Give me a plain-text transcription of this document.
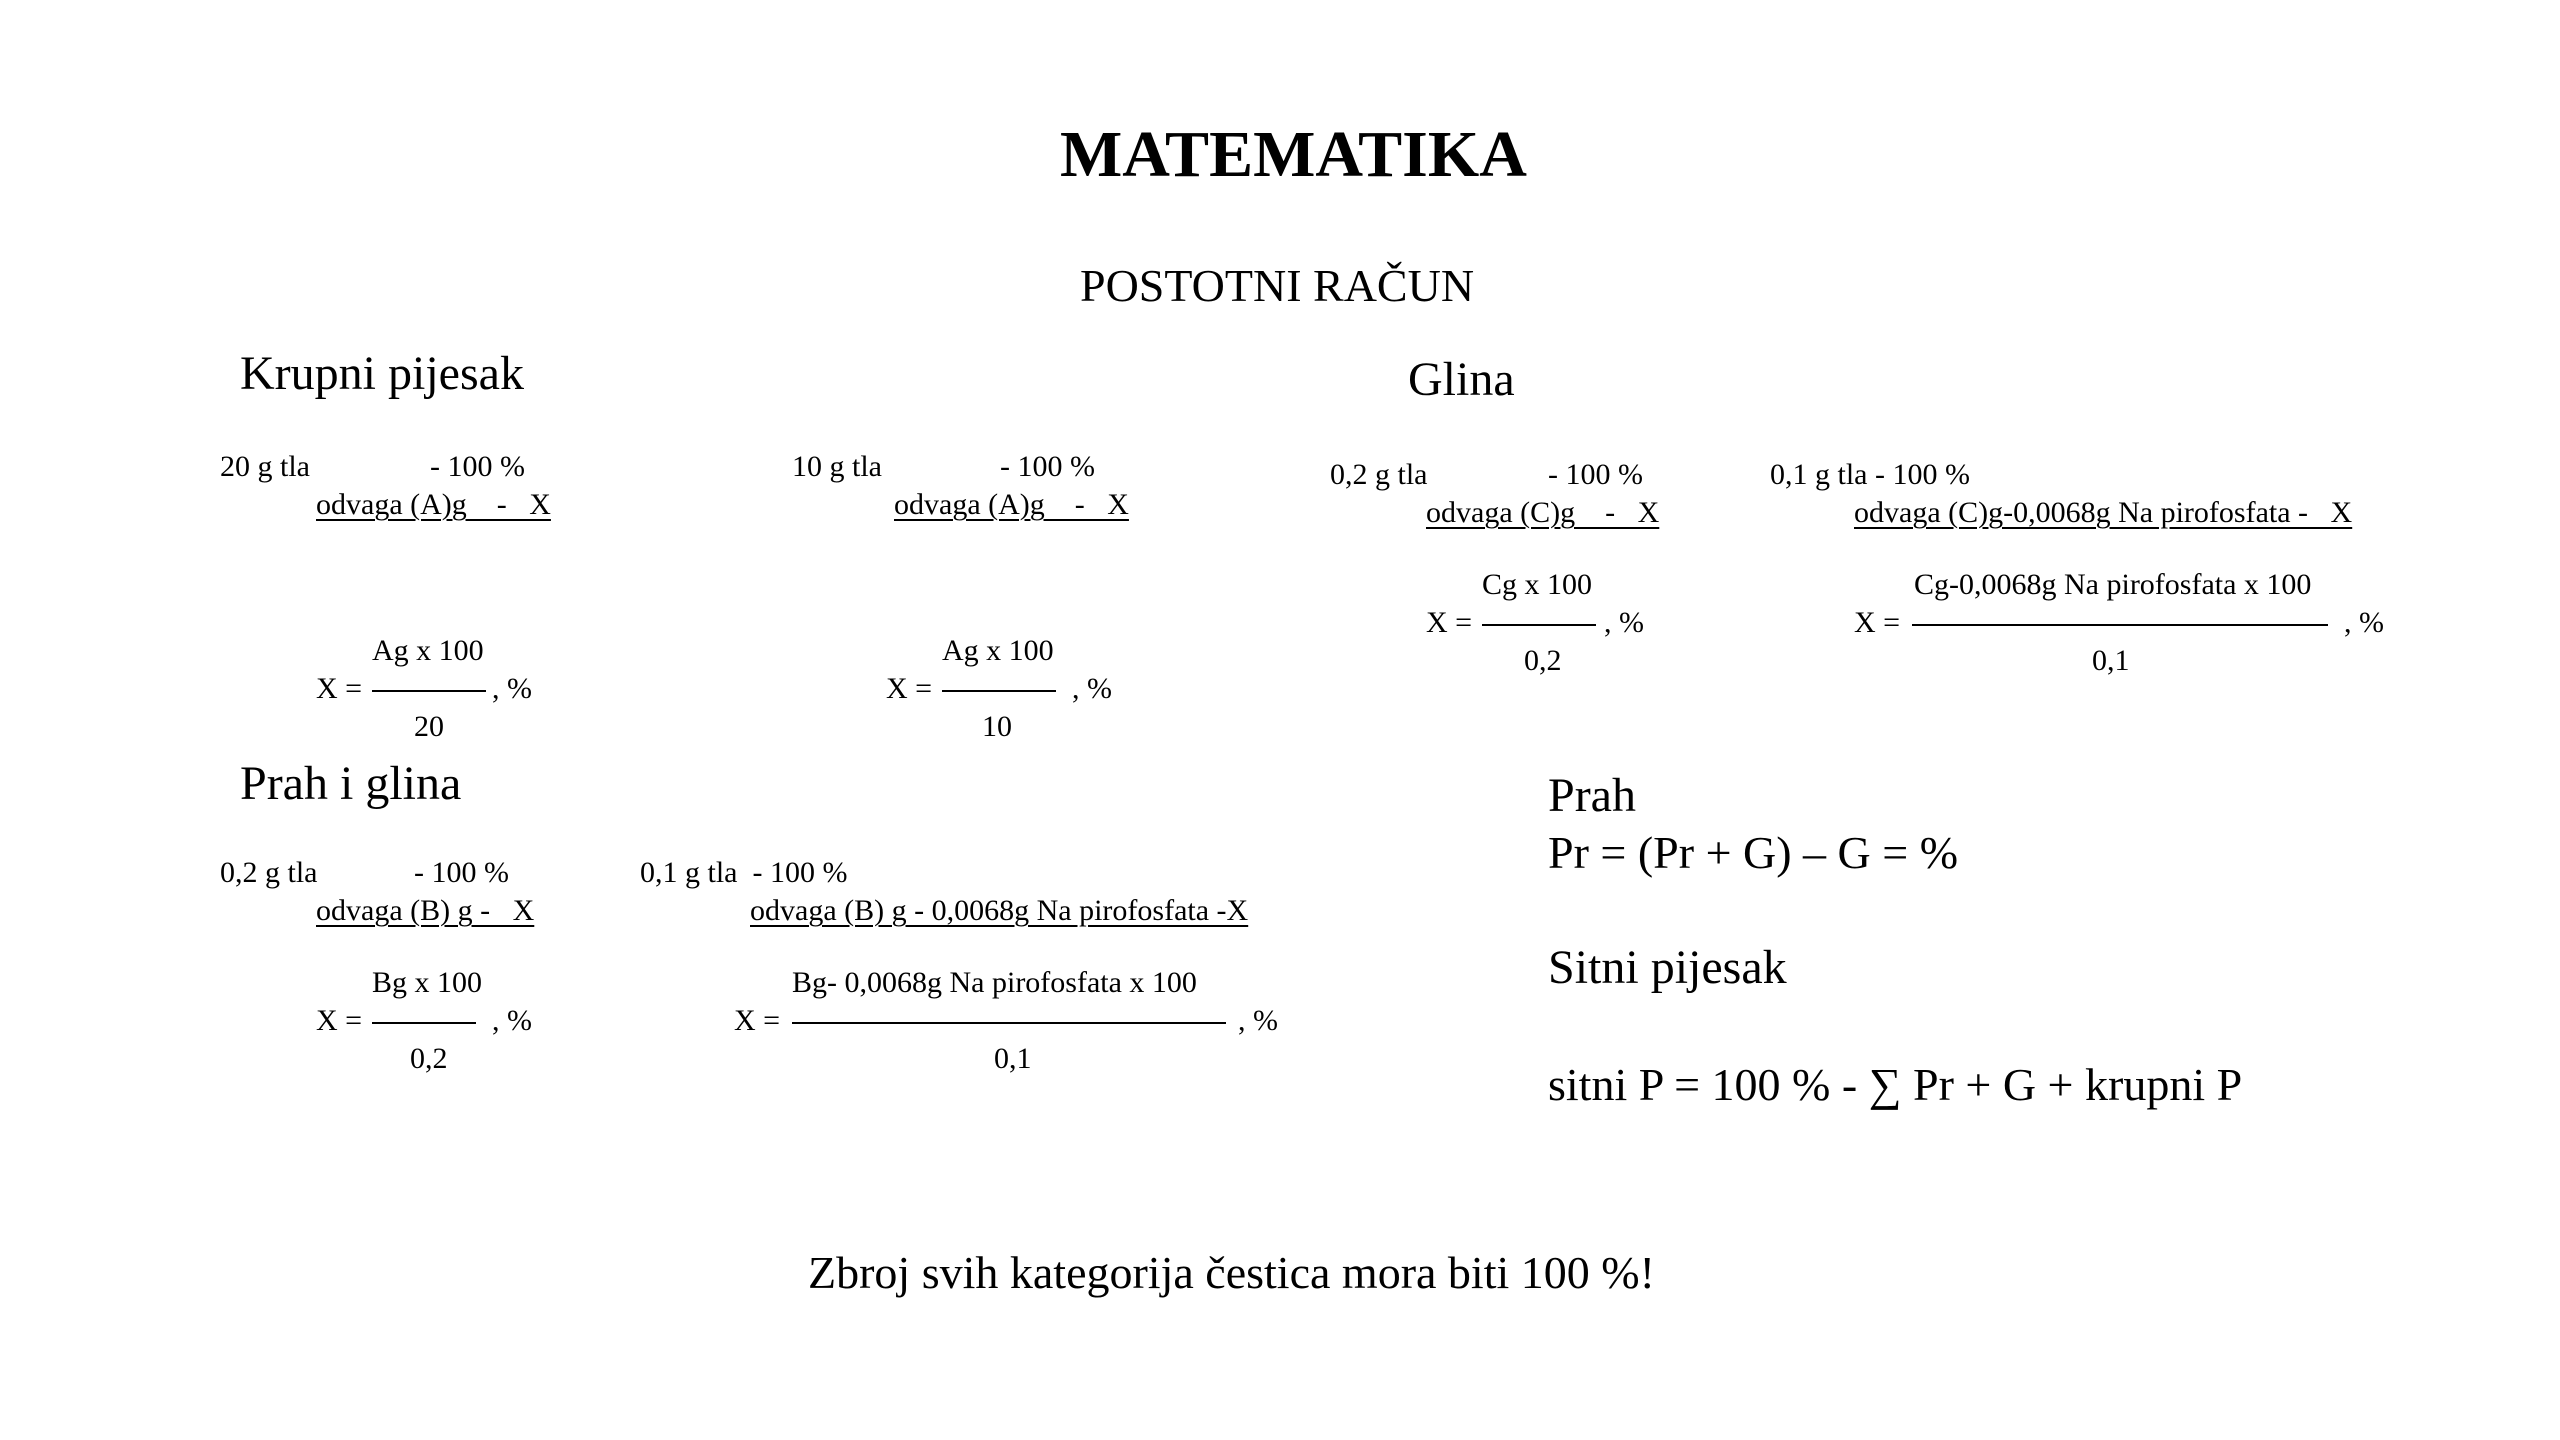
MATEMATIKA
POSTOTNI RAČUN
Krupni pijesak
20 g tla	- 100 %
odvaga (A)g    -   X
Ag x 100
X =	, %
20
10 g tla	- 100 %
odvaga (A)g    -   X
Ag x 100
X =	, %
10
Glina
0,2 g tla	- 100 %
odvaga (C)g    -   X
Cg x 100
X =	, %
0,2
0,1 g tla - 100 %
odvaga (C)g-0,0068g Na pirofosfata -   X
Cg-0,0068g Na pirofosfata x 100
X =	, %
0,1
Prah i glina
0,2 g tla	- 100 %
odvaga (B) g -   X
Bg x 100
X =	, %
0,2
0,1 g tla  - 100 %
odvaga (B) g - 0,0068g Na pirofosfata -X
Bg- 0,0068g Na pirofosfata x 100
X =	, %
0,1
Prah
Pr = (Pr + G) – G = %
Sitni pijesak
sitni P = 100 % - ∑ Pr + G + krupni P
Zbroj svih kategorija čestica mora biti 100 %!
